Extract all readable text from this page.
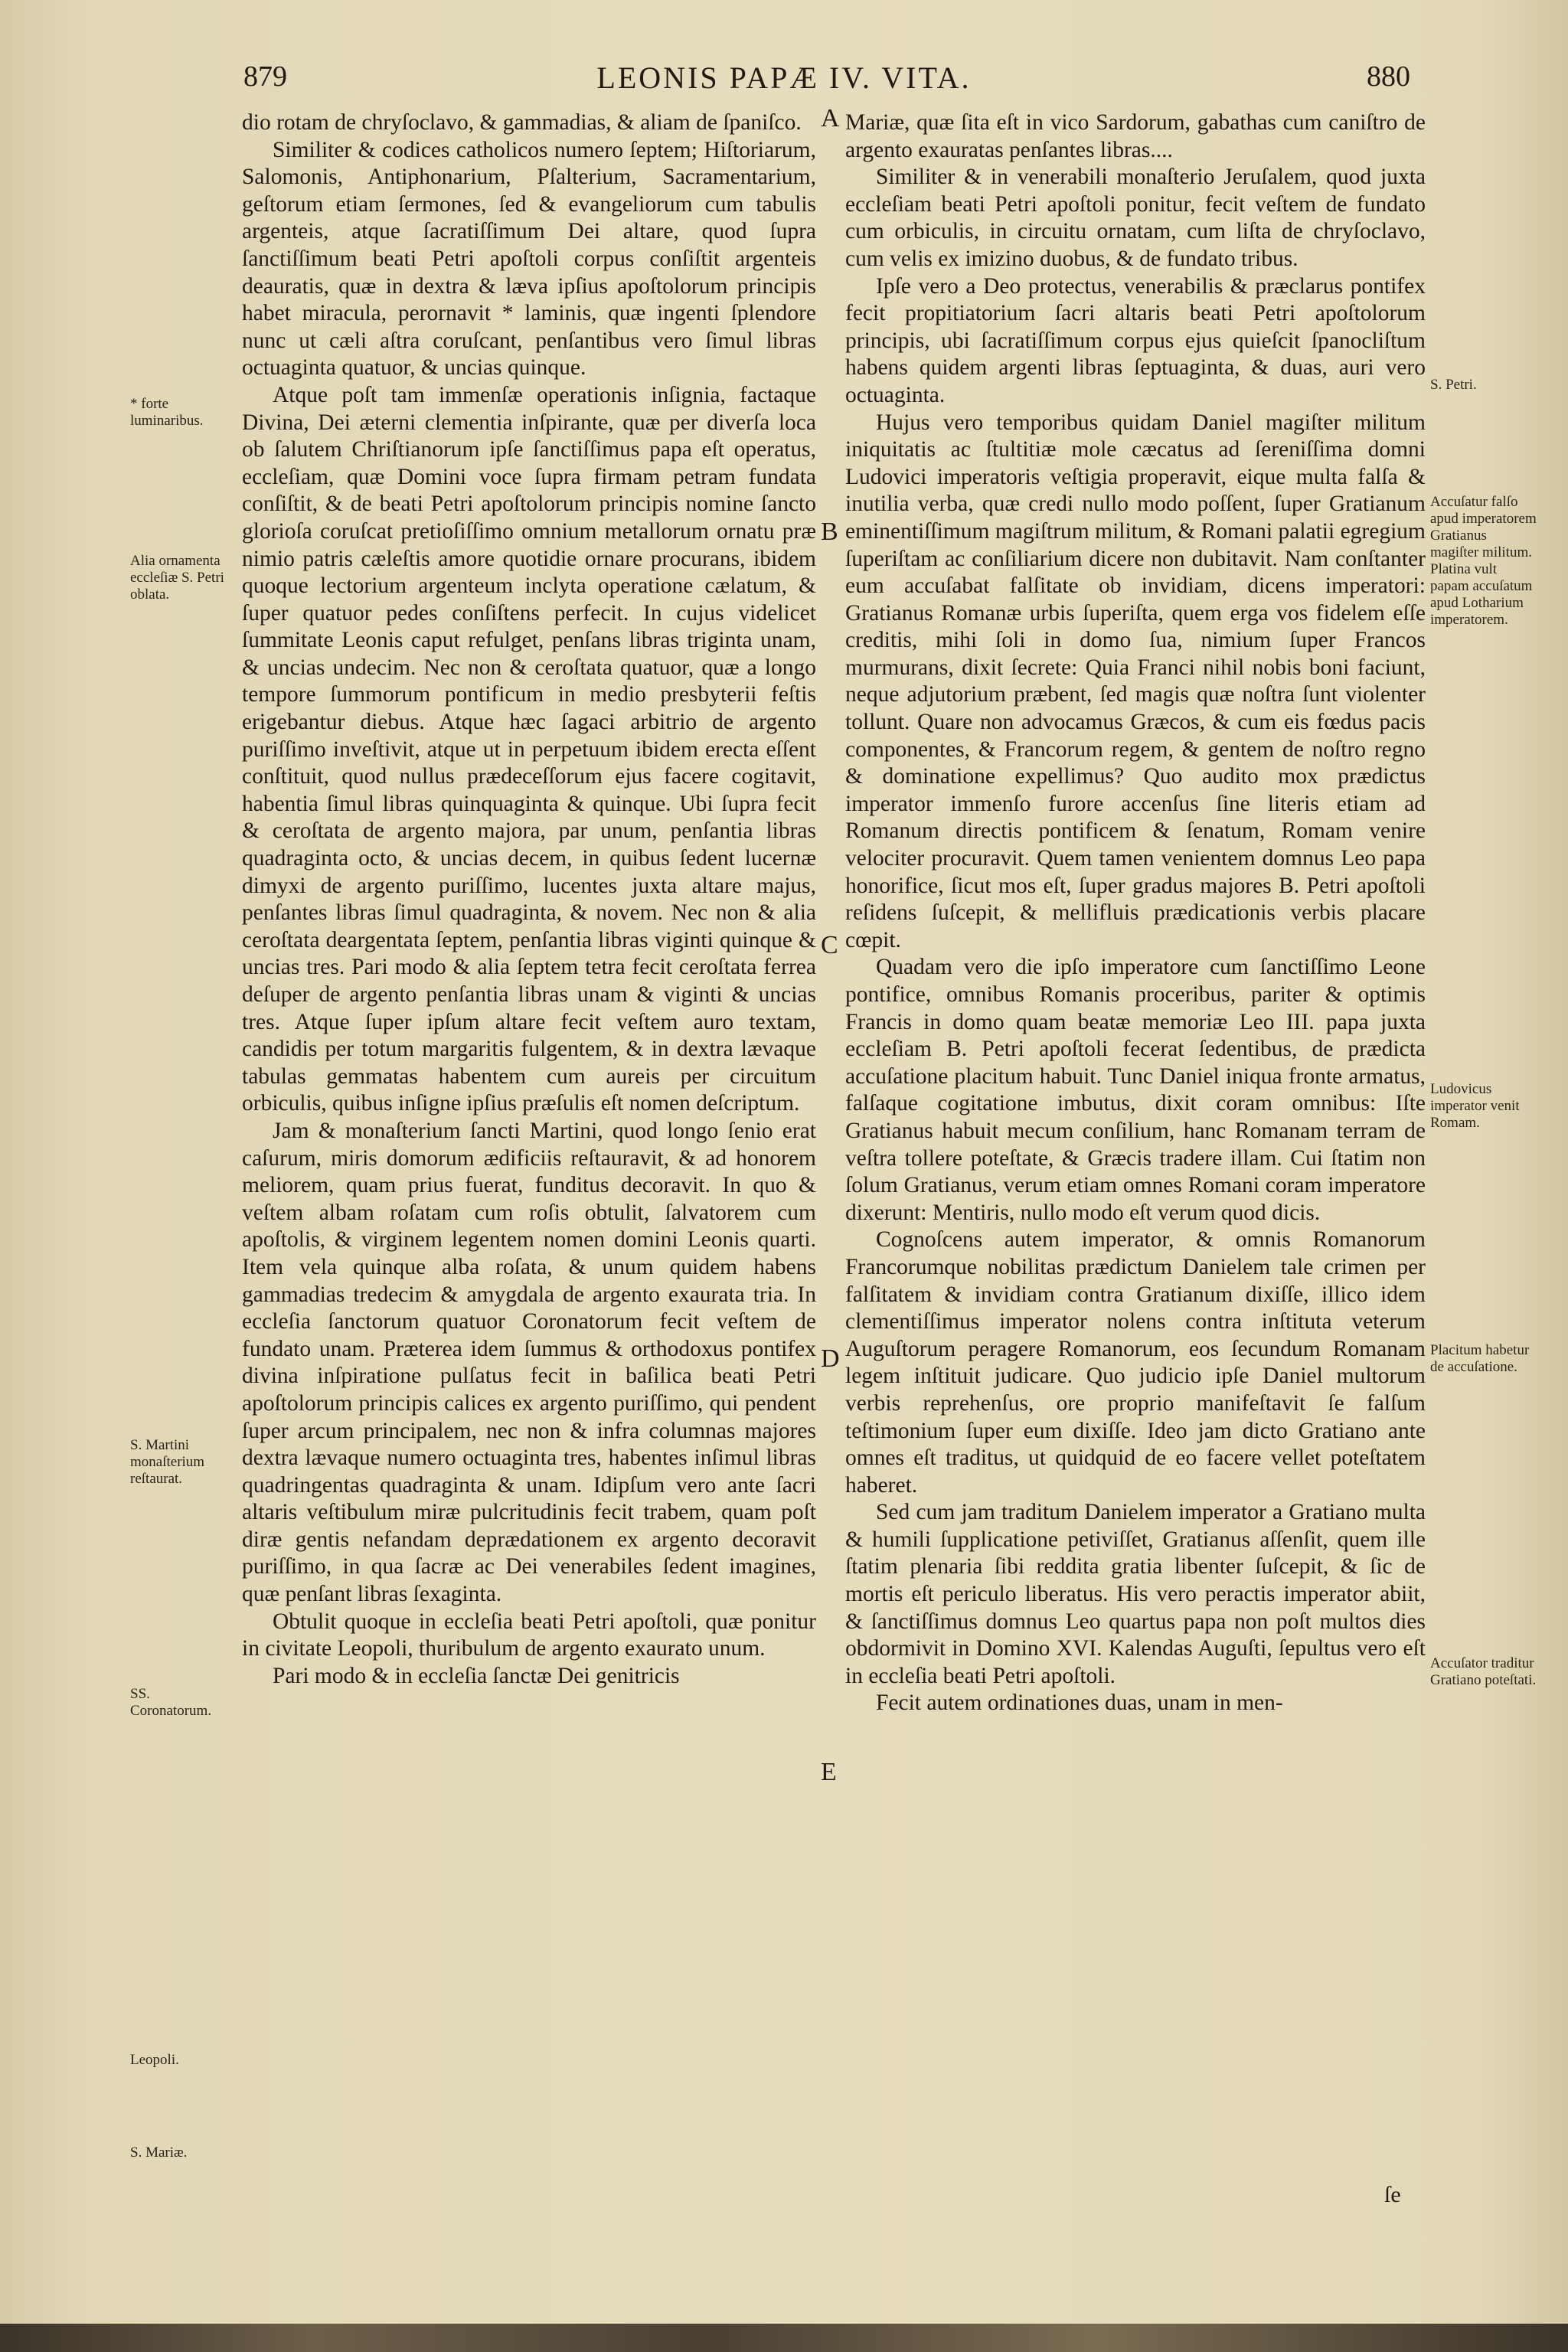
879	LEONIS PAPÆ IV. VITA.	880

dio rotam de chryſoclavo, & gammadias, & aliam de ſpaniſco.

Similiter & codices catholicos numero ſeptem; Hiſtoriarum, Salomonis, Antiphonarium, Pſalterium, Sacramentarium, geſtorum etiam ſermones, ſed & evangeliorum cum tabulis argenteis, atque ſacratiſſimum Dei altare, quod ſupra ſanctiſſimum beati Petri apoſtoli corpus conſiſtit argenteis deauratis, quæ in dextra & læva ipſius apoſtolorum principis habet miracula, perornavit * laminis, quæ ingenti ſplendore nunc ut cæli aſtra coruſcant, penſantibus vero ſimul libras octuaginta quatuor, & uncias quinque.

Atque poſt tam immenſæ operationis inſignia, factaque Divina, Dei æterni clementia inſpirante, quæ per diverſa loca ob ſalutem Chriſtianorum ipſe ſanctiſſimus papa eſt operatus, eccleſiam, quæ Domini voce ſupra firmam petram fundata conſiſtit, & de beati Petri apoſtolorum principis nomine ſancto glorioſa coruſcat pretioſiſſimo omnium metallorum ornatu præ nimio patris cæleſtis amore quotidie ornare procurans, ibidem quoque lectorium argenteum inclyta operatione cælatum, & ſuper quatuor pedes conſiſtens perfecit. In cujus videlicet ſummitate Leonis caput refulget, penſans libras triginta unam, & uncias undecim. Nec non & ceroſtata quatuor, quæ a longo tempore ſummorum pontificum in medio presbyterii feſtis erigebantur diebus. Atque hæc ſagaci arbitrio de argento puriſſimo inveſtivit, atque ut in perpetuum ibidem erecta eſſent conſtituit, quod nullus prædeceſſorum ejus facere cogitavit, habentia ſimul libras quinquaginta & quinque. Ubi ſupra fecit & ceroſtata de argento majora, par unum, penſantia libras quadraginta octo, & uncias decem, in quibus ſedent lucernæ dimyxi de argento puriſſimo, lucentes juxta altare majus, penſantes libras ſimul quadraginta, & novem. Nec non & alia ceroſtata deargentata ſeptem, penſantia libras viginti quinque & uncias tres. Pari modo & alia ſeptem tetra fecit ceroſtata ferrea deſuper de argento penſantia libras unam & viginti & uncias tres. Atque ſuper ipſum altare fecit veſtem auro textam, candidis per totum margaritis fulgentem, & in dextra lævaque tabulas gemmatas habentem cum aureis per circuitum orbiculis, quibus inſigne ipſius præſulis eſt nomen deſcriptum.

Jam & monaſterium ſancti Martini, quod longo ſenio erat caſurum, miris domorum ædificiis reſtauravit, & ad honorem meliorem, quam prius fuerat, funditus decoravit. In quo & veſtem albam roſatam cum roſis obtulit, ſalvatorem cum apoſtolis, & virginem legentem nomen domini Leonis quarti. Item vela quinque alba roſata, & unum quidem habens gammadias tredecim & amygdala de argento exaurata tria. In eccleſia ſanctorum quatuor Coronatorum fecit veſtem de fundato unam. Præterea idem ſummus & orthodoxus pontifex divina inſpiratione pulſatus fecit in baſilica beati Petri apoſtolorum principis calices ex argento puriſſimo, qui pendent ſuper arcum principalem, nec non & infra columnas majores dextra lævaque numero octuaginta tres, habentes inſimul libras quadringentas quadraginta & unam. Idipſum vero ante ſacri altaris veſtibulum miræ pulcritudinis fecit trabem, quam poſt diræ gentis nefandam deprædationem ex argento decoravit puriſſimo, in qua ſacræ ac Dei venerabiles ſedent imagines, quæ penſant libras ſexaginta.

Obtulit quoque in eccleſia beati Petri apoſtoli, quæ ponitur in civitate Leopoli, thuribulum de argento exaurato unum.

Pari modo & in eccleſia ſanctæ Dei genitricis

A
B
C
D
E

Mariæ, quæ ſita eſt in vico Sardorum, gabathas cum caniſtro de argento exauratas penſantes libras....

Similiter & in venerabili monaſterio Jeruſalem, quod juxta eccleſiam beati Petri apoſtoli ponitur, fecit veſtem de fundato cum orbiculis, in circuitu ornatam, cum liſta de chryſoclavo, cum velis ex imizino duobus, & de fundato tribus.

Ipſe vero a Deo protectus, venerabilis & præclarus pontifex fecit propitiatorium ſacri altaris beati Petri apoſtolorum principis, ubi ſacratiſſimum corpus ejus quieſcit ſpanocliſtum habens quidem argenti libras ſeptuaginta, & duas, auri vero octuaginta.

Hujus vero temporibus quidam Daniel magiſter militum iniquitatis ac ſtultitiæ mole cæcatus ad ſereniſſima domni Ludovici imperatoris veſtigia properavit, eique multa falſa & inutilia verba, quæ credi nullo modo poſſent, ſuper Gratianum eminentiſſimum magiſtrum militum, & Romani palatii egregium ſuperiſtam ac conſiliarium dicere non dubitavit. Nam conſtanter eum accuſabat falſitate ob invidiam, dicens imperatori: Gratianus Romanæ urbis ſuperiſta, quem erga vos fidelem eſſe creditis, mihi ſoli in domo ſua, nimium ſuper Francos murmurans, dixit ſecrete: Quia Franci nihil nobis boni faciunt, neque adjutorium præbent, ſed magis quæ noſtra ſunt violenter tollunt. Quare non advocamus Græcos, & cum eis fœdus pacis componentes, & Francorum regem, & gentem de noſtro regno & dominatione expellimus? Quo audito mox prædictus imperator immenſo furore accenſus ſine literis etiam ad Romanum directis pontificem & ſenatum, Romam venire velociter procuravit. Quem tamen venientem domnus Leo papa honorifice, ſicut mos eſt, ſuper gradus majores B. Petri apoſtoli reſidens ſuſcepit, & mellifluis prædicationis verbis placare cœpit.

Quadam vero die ipſo imperatore cum ſanctiſſimo Leone pontifice, omnibus Romanis proceribus, pariter & optimis Francis in domo quam beatæ memoriæ Leo III. papa juxta eccleſiam B. Petri apoſtoli fecerat ſedentibus, de prædicta accuſatione placitum habuit. Tunc Daniel iniqua fronte armatus, falſaque cogitatione imbutus, dixit coram omnibus: Iſte Gratianus habuit mecum conſilium, hanc Romanam terram de veſtra tollere poteſtate, & Græcis tradere illam. Cui ſtatim non ſolum Gratianus, verum etiam omnes Romani coram imperatore dixerunt: Mentiris, nullo modo eſt verum quod dicis.

Cognoſcens autem imperator, & omnis Romanorum Francorumque nobilitas prædictum Danielem tale crimen per falſitatem & invidiam contra Gratianum dixiſſe, illico idem clementiſſimus imperator nolens contra inſtituta veterum Auguſtorum peragere Romanorum, eos ſecundum Romanam legem inſtituit judicare. Quo judicio ipſe Daniel multorum verbis reprehenſus, ore proprio manifeſtavit ſe falſum teſtimonium ſuper eum dixiſſe. Ideo jam dicto Gratiano ante omnes eſt traditus, ut quidquid de eo facere vellet poteſtatem haberet.

Sed cum jam traditum Danielem imperator a Gratiano multa & humili ſupplicatione petiviſſet, Gratianus aſſenſit, quem ille ſtatim plenaria ſibi reddita gratia libenter ſuſcepit, & ſic de mortis eſt periculo liberatus. His vero peractis imperator abiit, & ſanctiſſimus domnus Leo quartus papa non poſt multos dies obdormivit in Domino XVI. Kalendas Auguſti, ſepultus vero eſt in eccleſia beati Petri apoſtoli.

Fecit autem ordinationes duas, unam in men-

* forte luminaribus.
Alia ornamenta eccleſiæ S. Petri oblata.
S. Martini monaſterium reſtaurat.
SS. Coronatorum.
Leopoli.
S. Mariæ.
S. Petri.
Accuſatur falſo apud imperatorem Gratianus magiſter militum. Platina vult papam accuſatum apud Lotharium imperatorem.
Ludovicus imperator venit Romam.
Placitum habetur de accuſatione.
Accuſator traditur Gratiano poteſtati.
ſe
